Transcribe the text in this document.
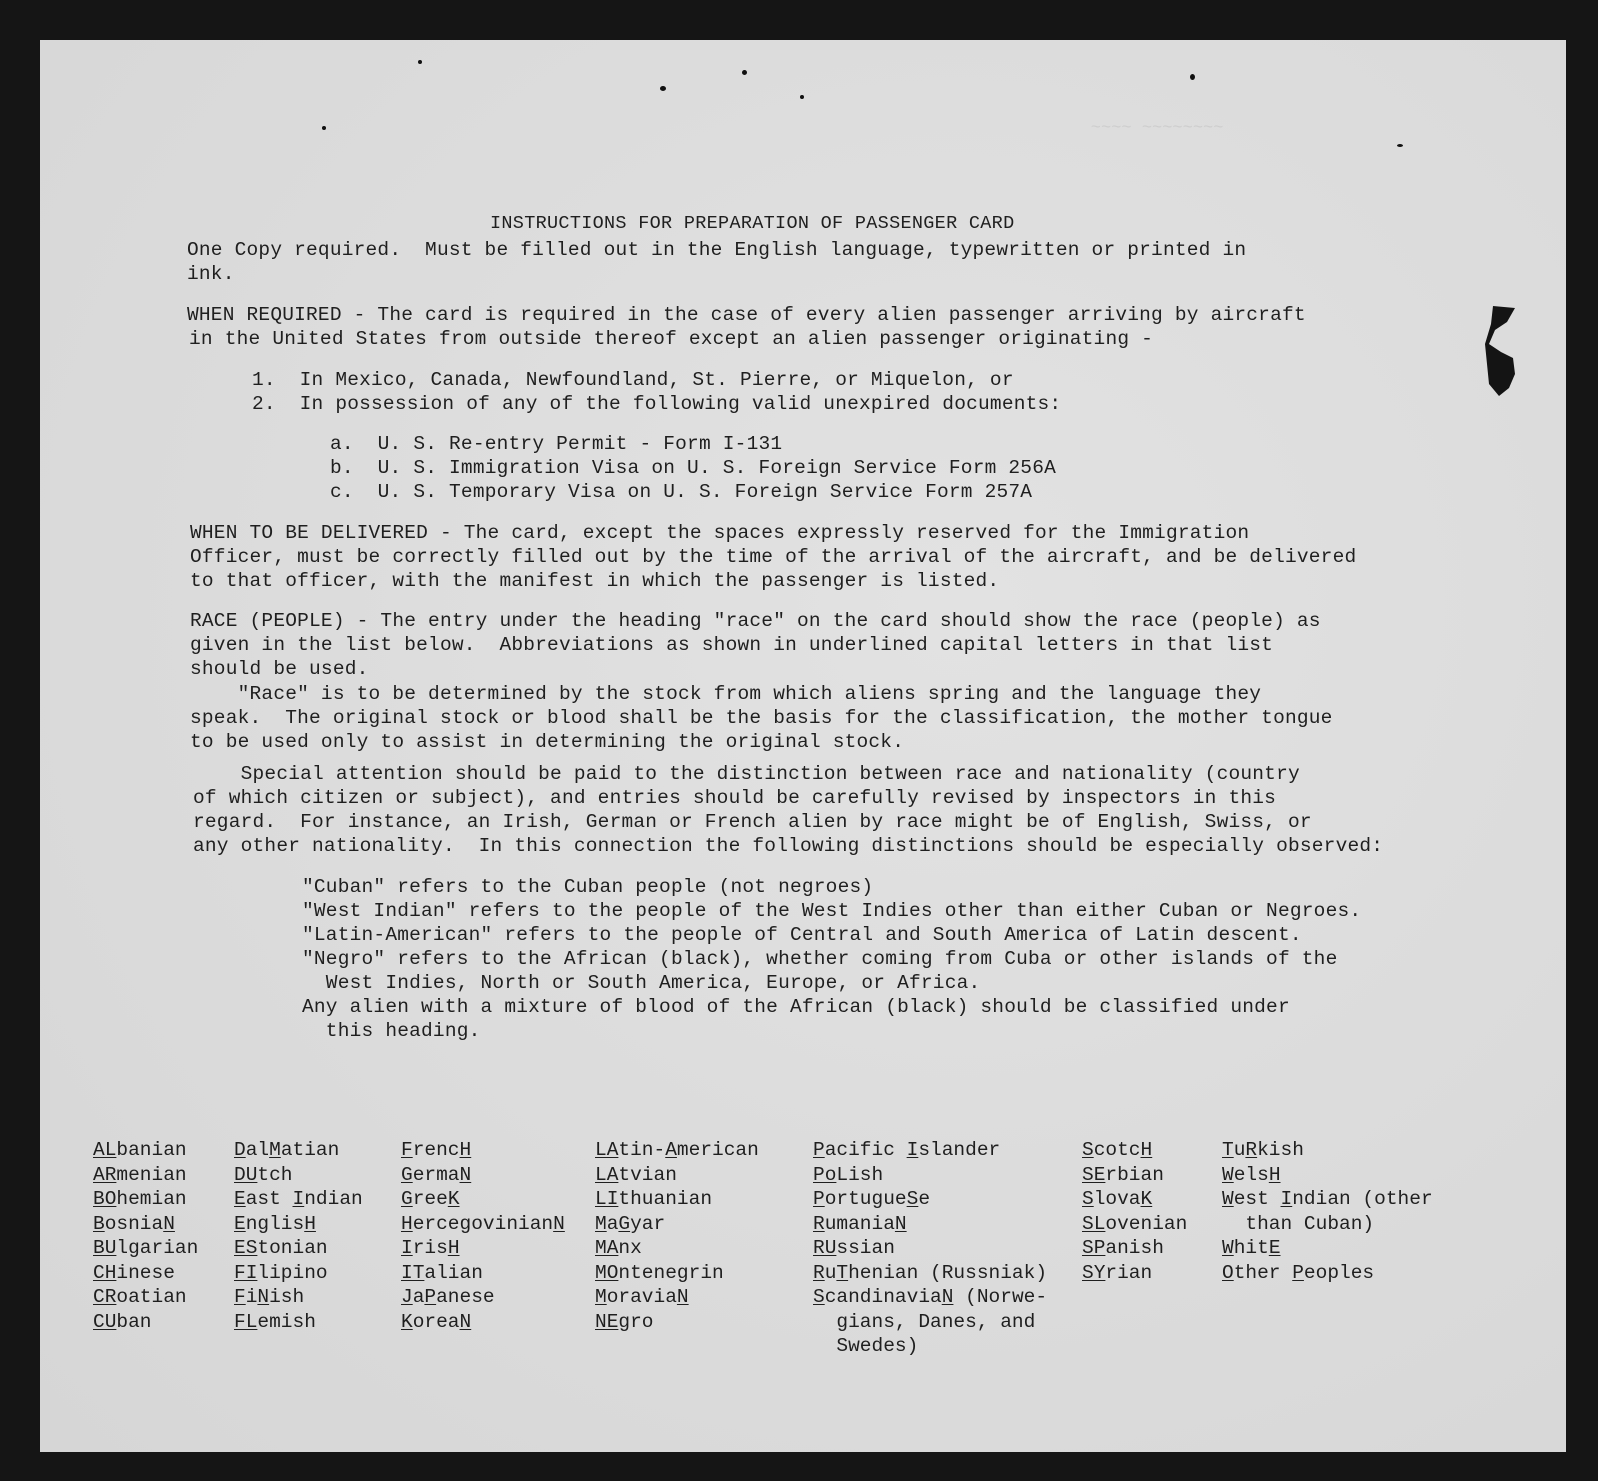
~~~~ ~~~~~~~~

INSTRUCTIONS FOR PREPARATION OF PASSENGER CARD
One Copy required.  Must be filled out in the English language, typewritten or printed in
ink.
WHEN REQUIRED - The card is required in the case of every alien passenger arriving by aircraft
in the United States from outside thereof except an alien passenger originating -
1.  In Mexico, Canada, Newfoundland, St. Pierre, or Miquelon, or
2.  In possession of any of the following valid unexpired documents:
a.  U. S. Re-entry Permit - Form I-131
b.  U. S. Immigration Visa on U. S. Foreign Service Form 256A
c.  U. S. Temporary Visa on U. S. Foreign Service Form 257A
WHEN TO BE DELIVERED - The card, except the spaces expressly reserved for the Immigration
Officer, must be correctly filled out by the time of the arrival of the aircraft, and be delivered
to that officer, with the manifest in which the passenger is listed.
RACE (PEOPLE) - The entry under the heading "race" on the card should show the race (people) as
given in the list below.  Abbreviations as shown in underlined capital letters in that list
should be used.
"Race" is to be determined by the stock from which aliens spring and the language they
speak.  The original stock or blood shall be the basis for the classification, the mother tongue
to be used only to assist in determining the original stock.
Special attention should be paid to the distinction between race and nationality (country
of which citizen or subject), and entries should be carefully revised by inspectors in this
regard.  For instance, an Irish, German or French alien by race might be of English, Swiss, or
any other nationality.  In this connection the following distinctions should be especially observed:
"Cuban" refers to the Cuban people (not negroes)
"West Indian" refers to the people of the West Indies other than either Cuban or Negroes.
"Latin-American" refers to the people of Central and South America of Latin descent.
"Negro" refers to the African (black), whether coming from Cuba or other islands of the
West Indies, North or South America, Europe, or Africa.
Any alien with a mixture of blood of the African (black) should be classified under
this heading.
ALbanian
ARmenian
BOhemian
BosniaN
BUlgarian
CHinese
CRoatian
CUban
DalMatian
DUtch
East Indian
EnglisH
EStonian
FIlipino
FiNish
FLemish
FrencH
GermaN
GreeK
HercegovinianN
IrisH
ITalian
JaPanese
KoreaN
LAtin-American
LAtvian
LIthuanian
MaGyar
MAnx
MOntenegrin
MoraviaN
NEgro
Pacific Islander
PoLish
PortugueSe
RumaniaN
RUssian
RuThenian (Russniak)
ScandinaviaN (Norwe-
gians, Danes, and
Swedes)
ScotcH
SErbian
SlovaK
SLovenian
SPanish
SYrian
TuRkish
WelsH
West Indian (other
than Cuban)
WhitE
Other Peoples
